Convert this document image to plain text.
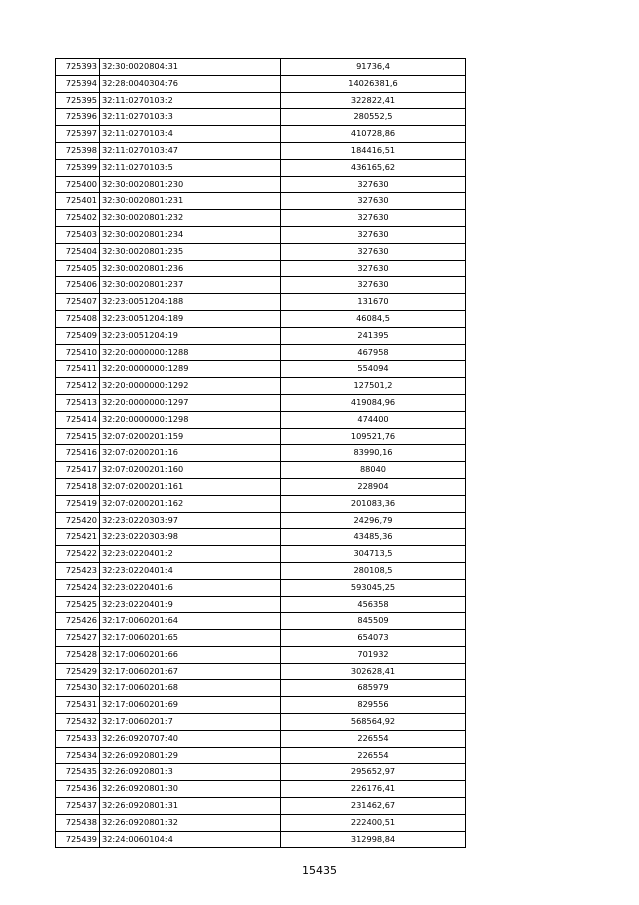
725393	32:30:0020804:31	91736,4
725394	32:28:0040304:76	14026381,6
725395	32:11:0270103:2	322822,41
725396	32:11:0270103:3	280552,5
725397	32:11:0270103:4	410728,86
725398	32:11:0270103:47	184416,51
725399	32:11:0270103:5	436165,62
725400	32:30:0020801:230	327630
725401	32:30:0020801:231	327630
725402	32:30:0020801:232	327630
725403	32:30:0020801:234	327630
725404	32:30:0020801:235	327630
725405	32:30:0020801:236	327630
725406	32:30:0020801:237	327630
725407	32:23:0051204:188	131670
725408	32:23:0051204:189	46084,5
725409	32:23:0051204:19	241395
725410	32:20:0000000:1288	467958
725411	32:20:0000000:1289	554094
725412	32:20:0000000:1292	127501,2
725413	32:20:0000000:1297	419084,96
725414	32:20:0000000:1298	474400
725415	32:07:0200201:159	109521,76
725416	32:07:0200201:16	83990,16
725417	32:07:0200201:160	88040
725418	32:07:0200201:161	228904
725419	32:07:0200201:162	201083,36
725420	32:23:0220303:97	24296,79
725421	32:23:0220303:98	43485,36
725422	32:23:0220401:2	304713,5
725423	32:23:0220401:4	280108,5
725424	32:23:0220401:6	593045,25
725425	32:23:0220401:9	456358
725426	32:17:0060201:64	845509
725427	32:17:0060201:65	654073
725428	32:17:0060201:66	701932
725429	32:17:0060201:67	302628,41
725430	32:17:0060201:68	685979
725431	32:17:0060201:69	829556
725432	32:17:0060201:7	568564,92
725433	32:26:0920707:40	226554
725434	32:26:0920801:29	226554
725435	32:26:0920801:3	295652,97
725436	32:26:0920801:30	226176,41
725437	32:26:0920801:31	231462,67
725438	32:26:0920801:32	222400,51
725439	32:24:0060104:4	312998,84
15435
